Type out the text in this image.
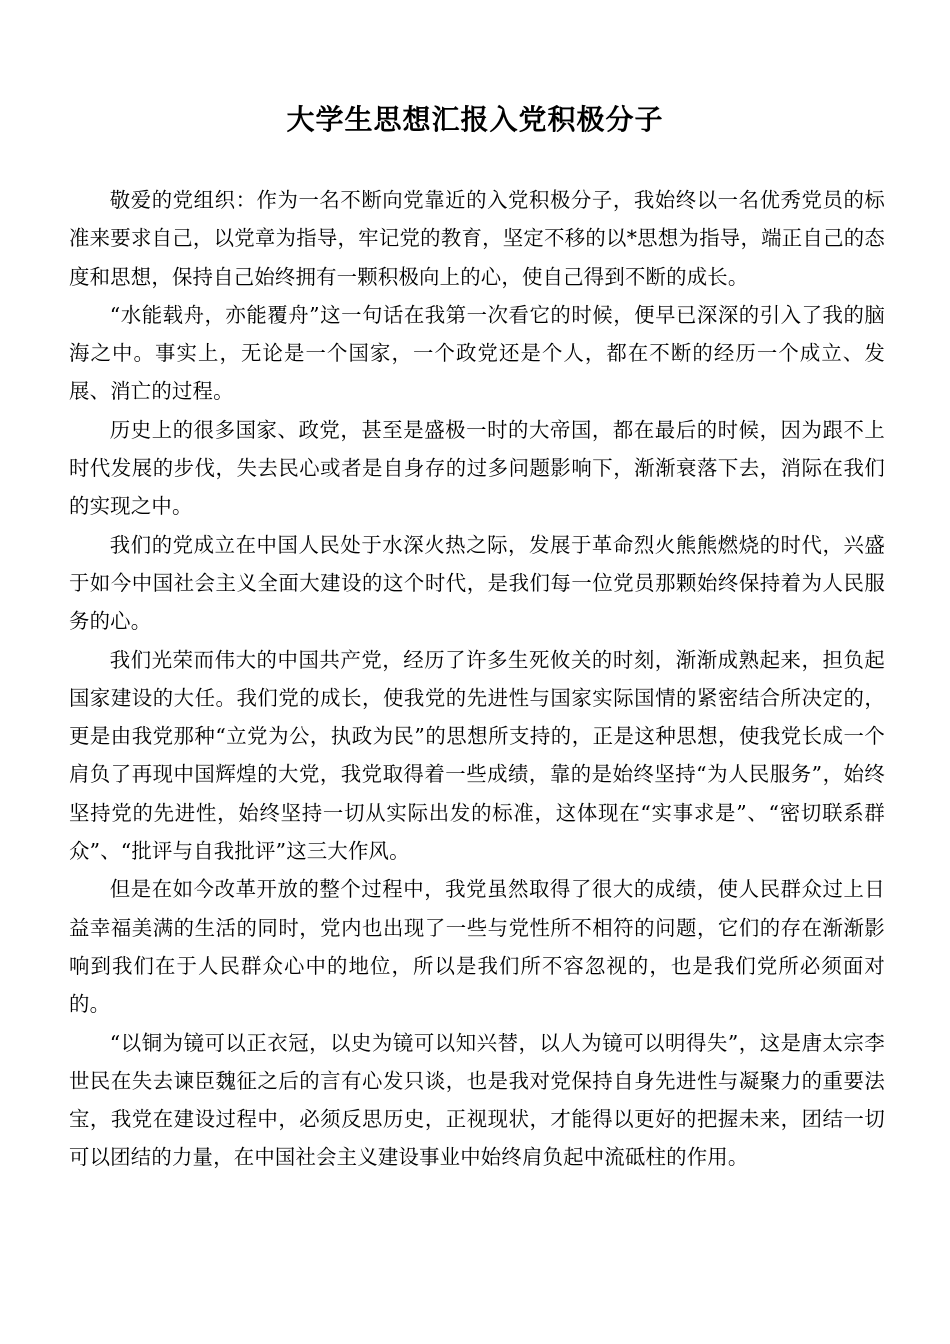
大学生思想汇报入党积极分子

敬爱的党组织：作为一名不断向党靠近的入党积极分子，我始终以一名优秀党员的标准来要求自己，以党章为指导，牢记党的教育，坚定不移的以*思想为指导，端正自己的态度和思想，保持自己始终拥有一颗积极向上的心，使自己得到不断的成长。

“水能载舟，亦能覆舟”这一句话在我第一次看它的时候，便早已深深的引入了我的脑海之中。事实上，无论是一个国家，一个政党还是个人，都在不断的经历一个成立、发展、消亡的过程。

历史上的很多国家、政党，甚至是盛极一时的大帝国，都在最后的时候，因为跟不上时代发展的步伐，失去民心或者是自身存的过多问题影响下，渐渐衰落下去，消际在我们的实现之中。

我们的党成立在中国人民处于水深火热之际，发展于革命烈火熊熊燃烧的时代，兴盛于如今中国社会主义全面大建设的这个时代，是我们每一位党员那颗始终保持着为人民服务的心。

我们光荣而伟大的中国共产党，经历了许多生死攸关的时刻，渐渐成熟起来，担负起国家建设的大任。我们党的成长，使我党的先进性与国家实际国情的紧密结合所决定的，更是由我党那种“立党为公，执政为民”的思想所支持的，正是这种思想，使我党长成一个肩负了再现中国辉煌的大党，我党取得着一些成绩，靠的是始终坚持“为人民服务”，始终坚持党的先进性，始终坚持一切从实际出发的标准，这体现在“实事求是”、“密切联系群众”、“批评与自我批评”这三大作风。

但是在如今改革开放的整个过程中，我党虽然取得了很大的成绩，使人民群众过上日益幸福美满的生活的同时，党内也出现了一些与党性所不相符的问题，它们的存在渐渐影响到我们在于人民群众心中的地位，所以是我们所不容忽视的，也是我们党所必须面对的。

“以铜为镜可以正衣冠，以史为镜可以知兴替，以人为镜可以明得失”，这是唐太宗李世民在失去谏臣魏征之后的言有心发只谈，也是我对党保持自身先进性与凝聚力的重要法宝，我党在建设过程中，必须反思历史，正视现状，才能得以更好的把握未来，团结一切可以团结的力量，在中国社会主义建设事业中始终肩负起中流砥柱的作用。
